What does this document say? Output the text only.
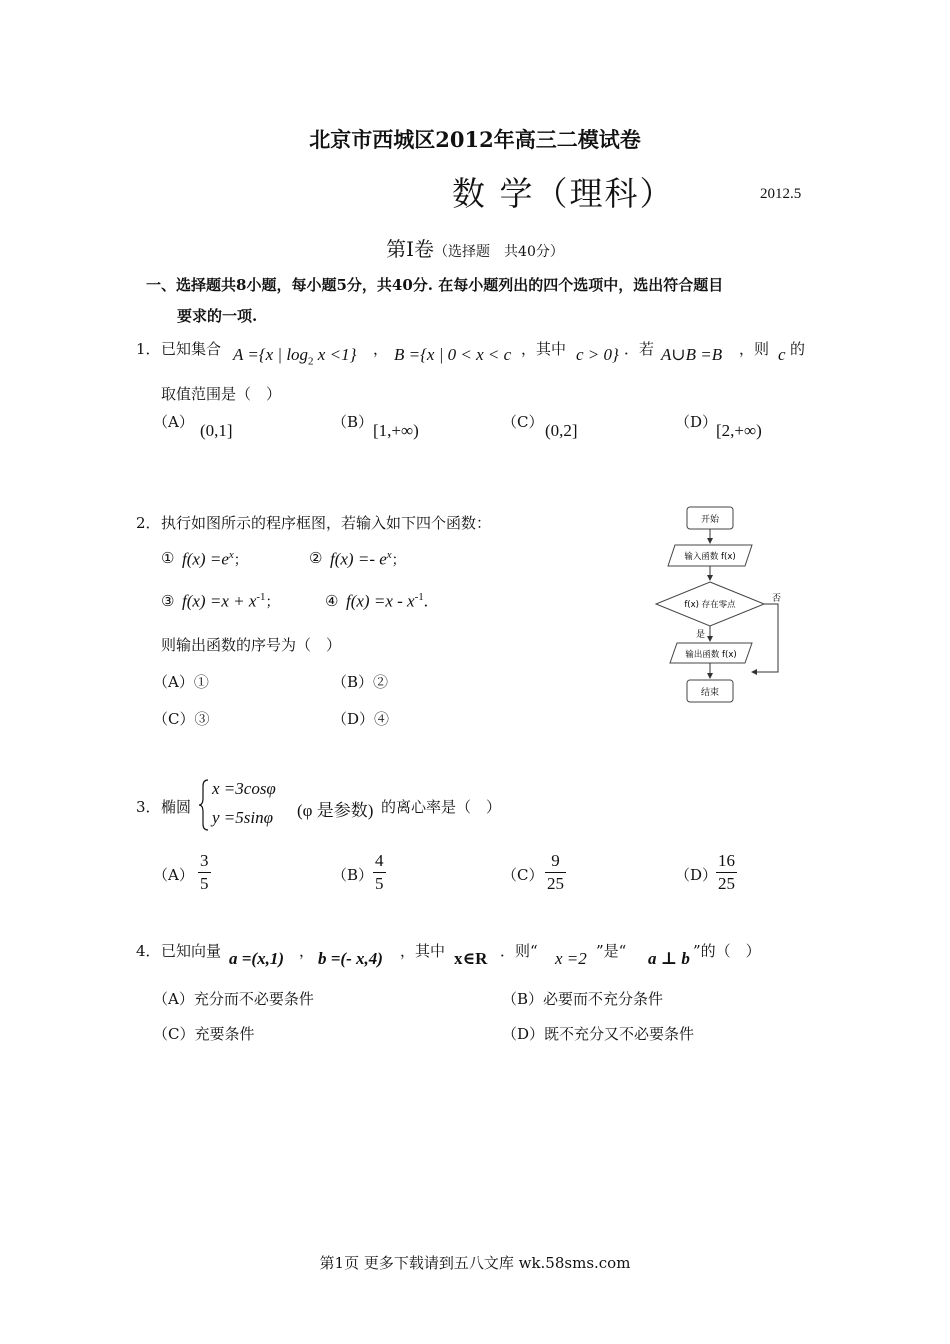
北京市西城区2012年高三二模试卷
数 学（理科）	2012.5
第Ⅰ卷（选择题　共40分）
一、选择题共8小题，每小题5分，共40分. 在每小题列出的四个选项中，选出符合题目
要求的一项.
1． 已知集合 A ={x | $\log_2 x <1$} ， B ={x | 0 < x < c ，其中 c > 0} ．若 A∪B =B ，则 c 的
取值范围是（　）
（A） (0,1]	（B） [1,+∞)	（C） (0,2]	（D）
[2,+∞)
2． 执行如图所示的程序框图，若输入如下四个函数：
① $f(x) =e^x$；	② $f(x) =- e^x$；
③ $f(x) =x + x^{-1}$；	④ $f(x) =x - x^{-1}$.
则输出函数的序号为（　）
（A）①	（B）②
（C）③	（D）④
开始
输入函数 f(x)
f(x) 存在零点
否
是
输出函数 f(x)
结束
3． 椭圆
x =3cosφ
y =5sinφ (φ 是参数) 的离心率是（　）
$(A) \frac{3}{5}$	$(B) \frac{4}{5}$	$(C) \frac{9}{25}$	（D）
$\frac{16}{25}$
4． 已知向量 a =(x,1) ， b =(- x,4) ，其中 x∈R ．则“ x =2 ”是“ a ⊥ b ”的（　）
（A）充分而不必要条件	（B）必要而不充分条件
（C）充要条件	（D）既不充分又不必要条件
第1页 更多下载请到五八文库 wk.58sms.com
